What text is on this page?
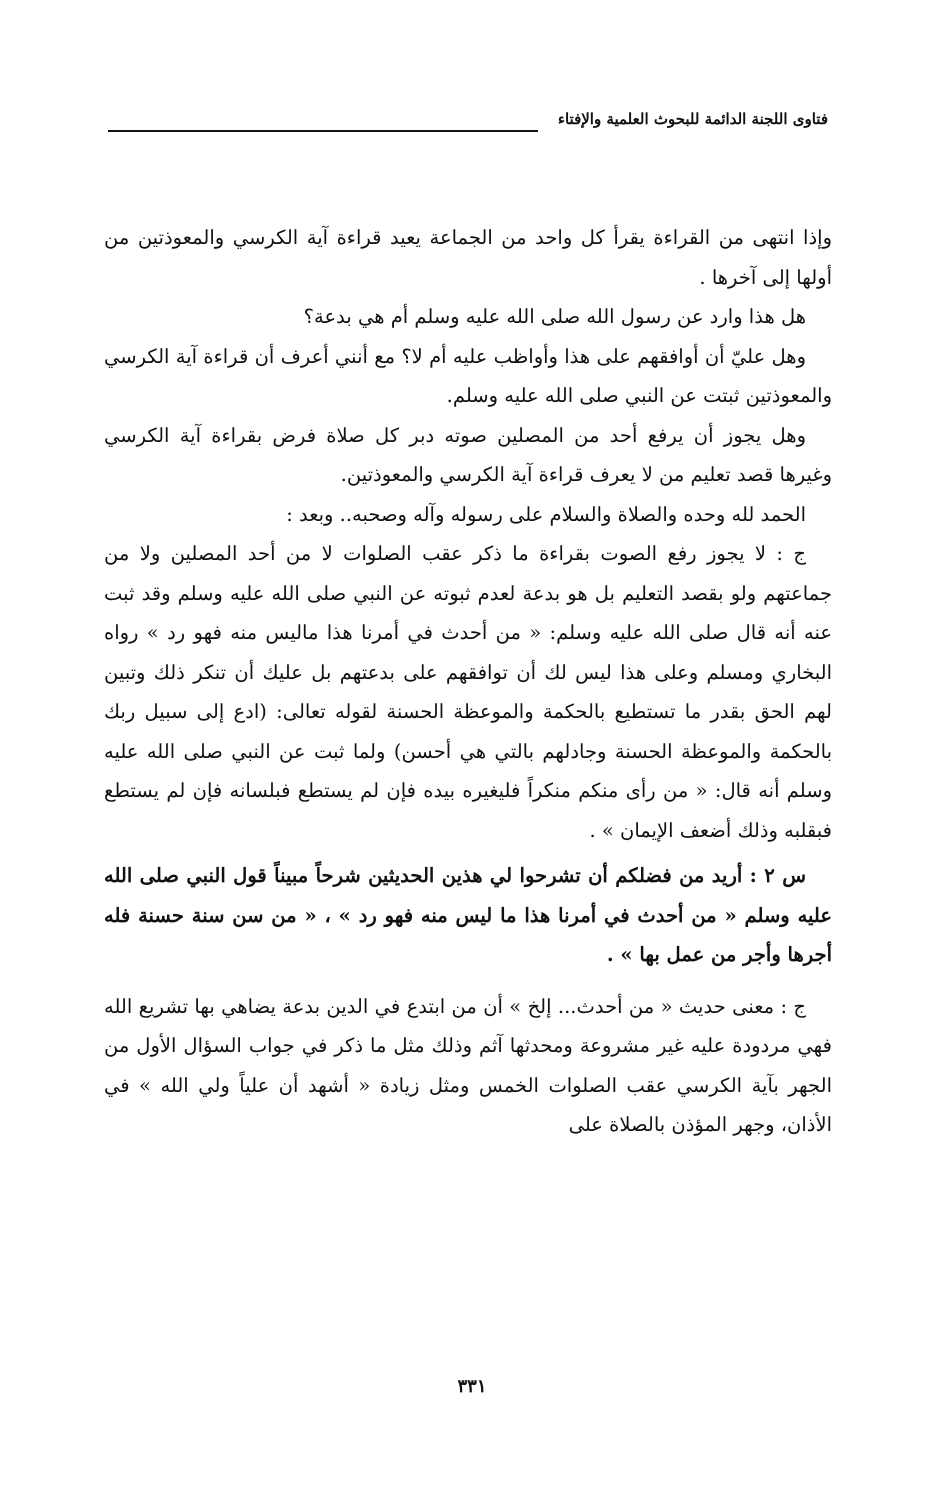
فتاوى اللجنة الدائمة للبحوث العلمية والإفتاء

وإذا انتهى من القراءة يقرأ كل واحد من الجماعة يعيد قراءة آية الكرسي والمعوذتين من أولها إلى آخرها .

هل هذا وارد عن رسول الله صلى الله عليه وسلم أم هي بدعة؟

وهل عليّ أن أوافقهم على هذا وأواظب عليه أم لا؟ مع أنني أعرف أن قراءة آية الكرسي والمعوذتين ثبتت عن النبي صلى الله عليه وسلم.

وهل يجوز أن يرفع أحد من المصلين صوته دبر كل صلاة فرض بقراءة آية الكرسي وغيرها قصد تعليم من لا يعرف قراءة آية الكرسي والمعوذتين.

الحمد لله وحده والصلاة والسلام على رسوله وآله وصحبه.. وبعد :

ج : لا يجوز رفع الصوت بقراءة ما ذكر عقب الصلوات لا من أحد المصلين ولا من جماعتهم ولو بقصد التعليم بل هو بدعة لعدم ثبوته عن النبي صلى الله عليه وسلم وقد ثبت عنه أنه قال صلى الله عليه وسلم: « من أحدث في أمرنا هذا ماليس منه فهو رد » رواه البخاري ومسلم وعلى هذا ليس لك أن توافقهم على بدعتهم بل عليك أن تنكر ذلك وتبين لهم الحق بقدر ما تستطيع بالحكمة والموعظة الحسنة لقوله تعالى: (ادع إلى سبيل ربك بالحكمة والموعظة الحسنة وجادلهم بالتي هي أحسن) ولما ثبت عن النبي صلى الله عليه وسلم أنه قال: « من رأى منكم منكراً فليغيره بيده فإن لم يستطع فبلسانه فإن لم يستطع فبقلبه وذلك أضعف الإيمان » .

س ٢ : أريد من فضلكم أن تشرحوا لي هذين الحديثين شرحاً مبيناً قول النبي صلى الله عليه وسلم « من أحدث في أمرنا هذا ما ليس منه فهو رد » ، « من سن سنة حسنة فله أجرها وأجر من عمل بها » .

ج : معنى حديث « من أحدث... إلخ » أن من ابتدع في الدين بدعة يضاهي بها تشريع الله فهي مردودة عليه غير مشروعة ومحدثها آثم وذلك مثل ما ذكر في جواب السؤال الأول من الجهر بآية الكرسي عقب الصلوات الخمس ومثل زيادة « أشهد أن علياً ولي الله » في الأذان، وجهر المؤذن بالصلاة على

٣٣١
